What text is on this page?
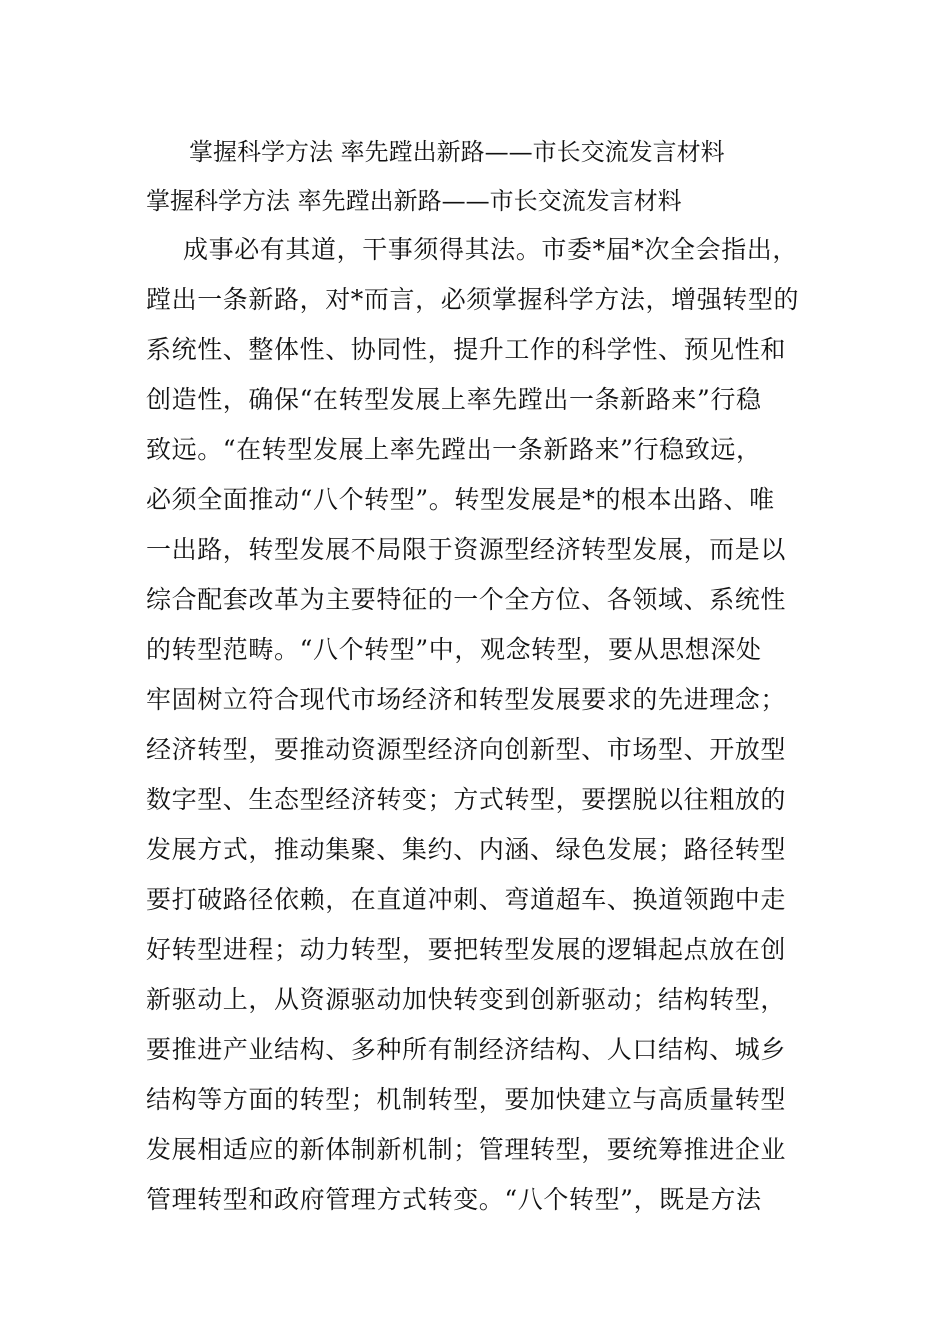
掌握科学方法 率先蹚出新路——市长交流发言材料
掌握科学方法 率先蹚出新路——市长交流发言材料
成事必有其道，干事须得其法。市委*届*次全会指出，
蹚出一条新路，对*而言，必须掌握科学方法，增强转型的
系统性、整体性、协同性，提升工作的科学性、预见性和
创造性，确保“在转型发展上率先蹚出一条新路来”行稳
致远。“在转型发展上率先蹚出一条新路来”行稳致远，
必须全面推动“八个转型”。转型发展是*的根本出路、唯
一出路，转型发展不局限于资源型经济转型发展，而是以
综合配套改革为主要特征的一个全方位、各领域、系统性
的转型范畴。“八个转型”中，观念转型，要从思想深处
牢固树立符合现代市场经济和转型发展要求的先进理念；
经济转型，要推动资源型经济向创新型、市场型、开放型
数字型、生态型经济转变；方式转型，要摆脱以往粗放的
发展方式，推动集聚、集约、内涵、绿色发展；路径转型
要打破路径依赖，在直道冲刺、弯道超车、换道领跑中走
好转型进程；动力转型，要把转型发展的逻辑起点放在创
新驱动上，从资源驱动加快转变到创新驱动；结构转型，
要推进产业结构、多种所有制经济结构、人口结构、城乡
结构等方面的转型；机制转型，要加快建立与高质量转型
发展相适应的新体制新机制；管理转型，要统筹推进企业
管理转型和政府管理方式转变。“八个转型”，既是方法
